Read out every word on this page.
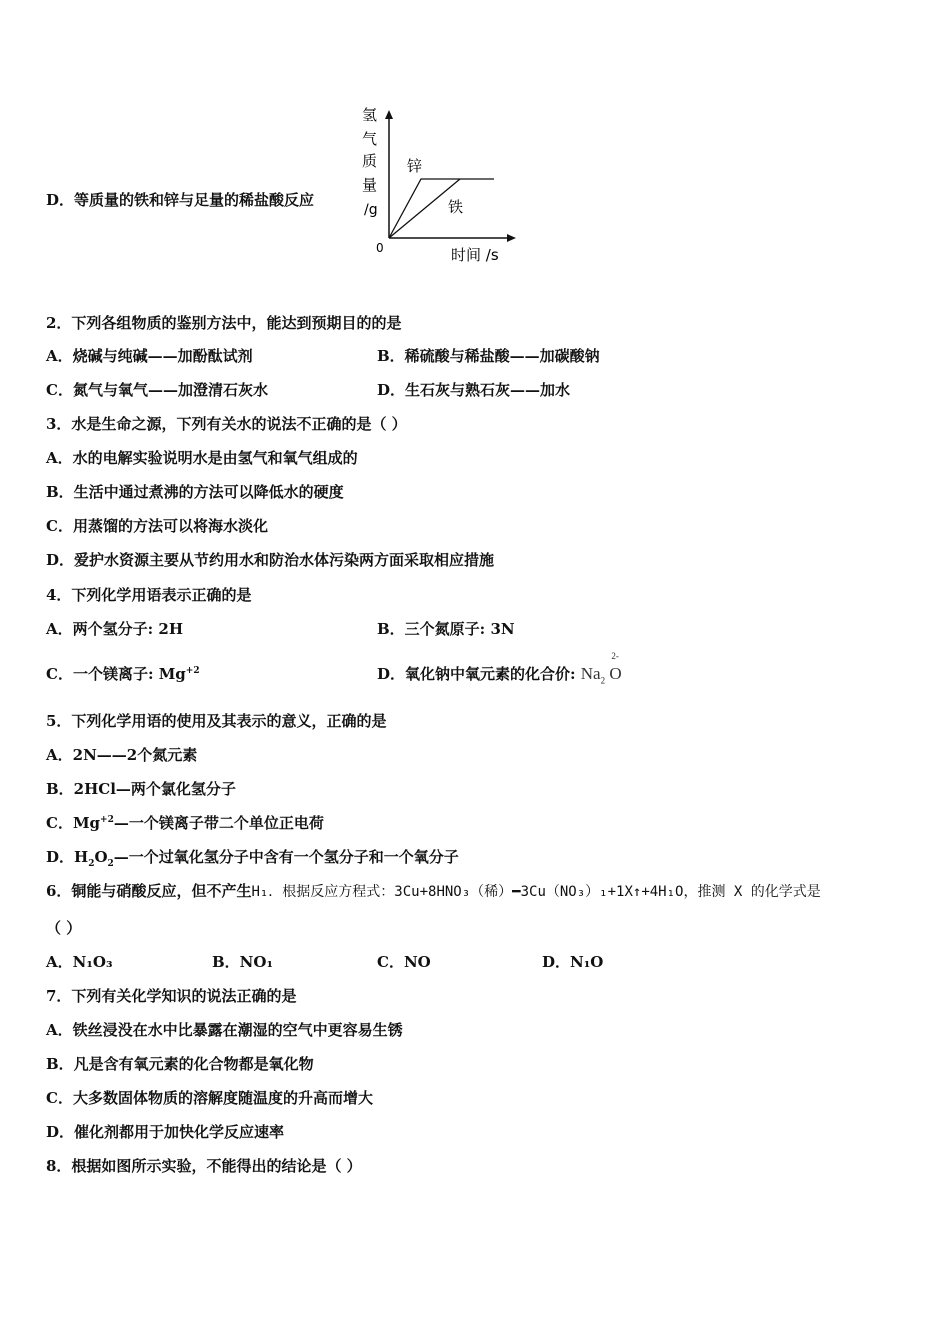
D．等质量的铁和锌与足量的稀盐酸反应
氢
气
质
量
/g
0	时间 /s
锌
铁
2．下列各组物质的鉴别方法中，能达到预期目的的是
A．烧碱与纯碱——加酚酞试剂	B．稀硫酸与稀盐酸——加碳酸钠
C．氮气与氧气——加澄清石灰水	D．生石灰与熟石灰——加水
3．水是生命之源，下列有关水的说法不正确的是（ ）
A．水的电解实验说明水是由氢气和氧气组成的
B．生活中通过煮沸的方法可以降低水的硬度
C．用蒸馏的方法可以将海水淡化
D．爱护水资源主要从节约用水和防治水体污染两方面采取相应措施
4．下列化学用语表示正确的是
A．两个氢分子: 2H	B．三个氮原子: 3N
C．一个镁离子: $Mg^{+2}$	D．氧化钠中氧元素的化合价: $Na_2$
2-
O
5．下列化学用语的使用及其表示的意义，正确的是
A．2N——2个氮元素
B．2HCl—两个氯化氢分子
C．$Mg^{+2}—$一个镁离子带二个单位正电荷
D．$H_2O_2—$一个过氧化氢分子中含有一个氢分子和一个氧分子
6．铜能与硝酸反应，但不产生H₁．根据反应方程式：3Cu+8HNO₃（稀）━3Cu（NO₃）₁+1X↑+4H₁O，推测 X 的化学式是
（ ）
A．N₁O₃	B．NO₁	C．NO	D．N₁O
7．下列有关化学知识的说法正确的是
A．铁丝浸没在水中比暴露在潮湿的空气中更容易生锈
B．凡是含有氧元素的化合物都是氧化物
C．大多数固体物质的溶解度随温度的升高而增大
D．催化剂都用于加快化学反应速率
8．根据如图所示实验，不能得出的结论是（ ）
